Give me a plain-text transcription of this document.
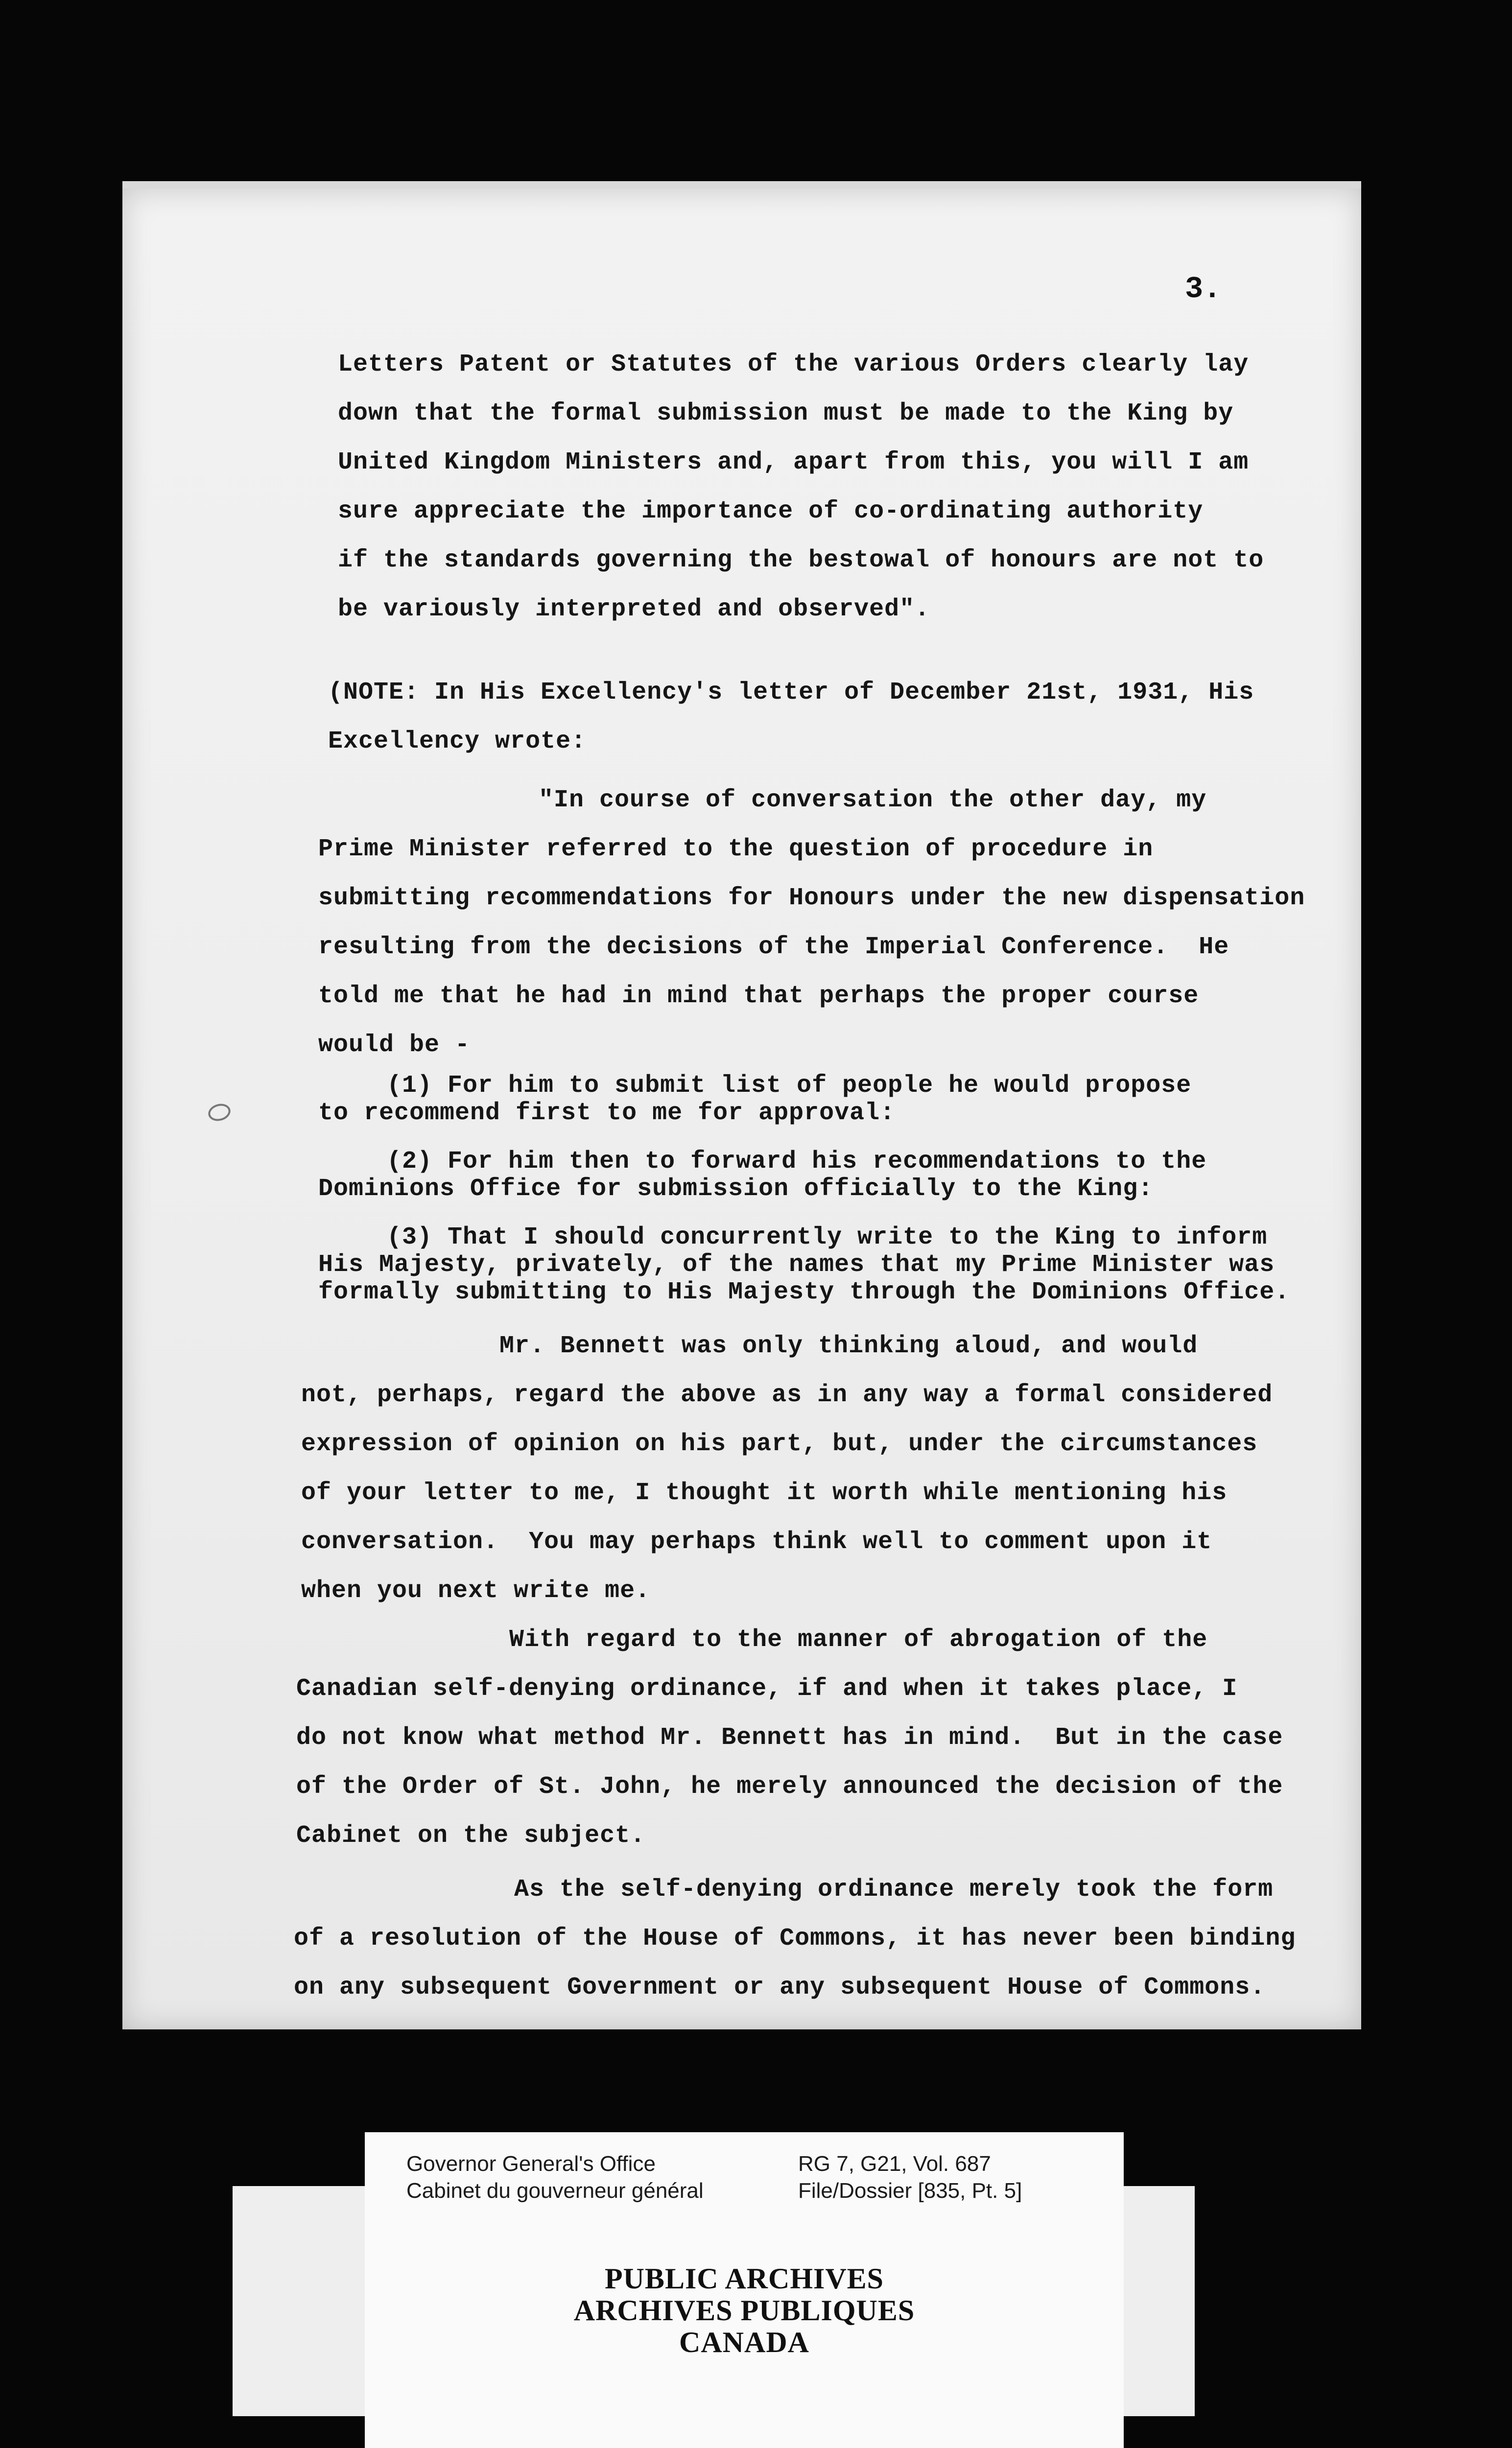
3.
Letters Patent or Statutes of the various Orders clearly lay
down that the formal submission must be made to the King by
United Kingdom Ministers and, apart from this, you will I am
sure appreciate the importance of co-ordinating authority
if the standards governing the bestowal of honours are not to
be variously interpreted and observed".
(NOTE: In His Excellency's letter of December 21st, 1931, His
Excellency wrote:
"In course of conversation the other day, my
Prime Minister referred to the question of procedure in
submitting recommendations for Honours under the new dispensation
resulting from the decisions of the Imperial Conference.  He
told me that he had in mind that perhaps the proper course
would be -
(1) For him to submit list of people he would propose
to recommend first to me for approval:
(2) For him then to forward his recommendations to the
Dominions Office for submission officially to the King:
(3) That I should concurrently write to the King to inform
His Majesty, privately, of the names that my Prime Minister was
formally submitting to His Majesty through the Dominions Office.
Mr. Bennett was only thinking aloud, and would
not, perhaps, regard the above as in any way a formal considered
expression of opinion on his part, but, under the circumstances
of your letter to me, I thought it worth while mentioning his
conversation.  You may perhaps think well to comment upon it
when you next write me.
With regard to the manner of abrogation of the
Canadian self-denying ordinance, if and when it takes place, I
do not know what method Mr. Bennett has in mind.  But in the case
of the Order of St. John, he merely announced the decision of the
Cabinet on the subject.
As the self-denying ordinance merely took the form
of a resolution of the House of Commons, it has never been binding
on any subsequent Government or any subsequent House of Commons.
Governor General's Office
Cabinet du gouverneur général
RG 7, G21, Vol. 687
File/Dossier [835, Pt. 5]
PUBLIC ARCHIVES
ARCHIVES PUBLIQUES
CANADA
